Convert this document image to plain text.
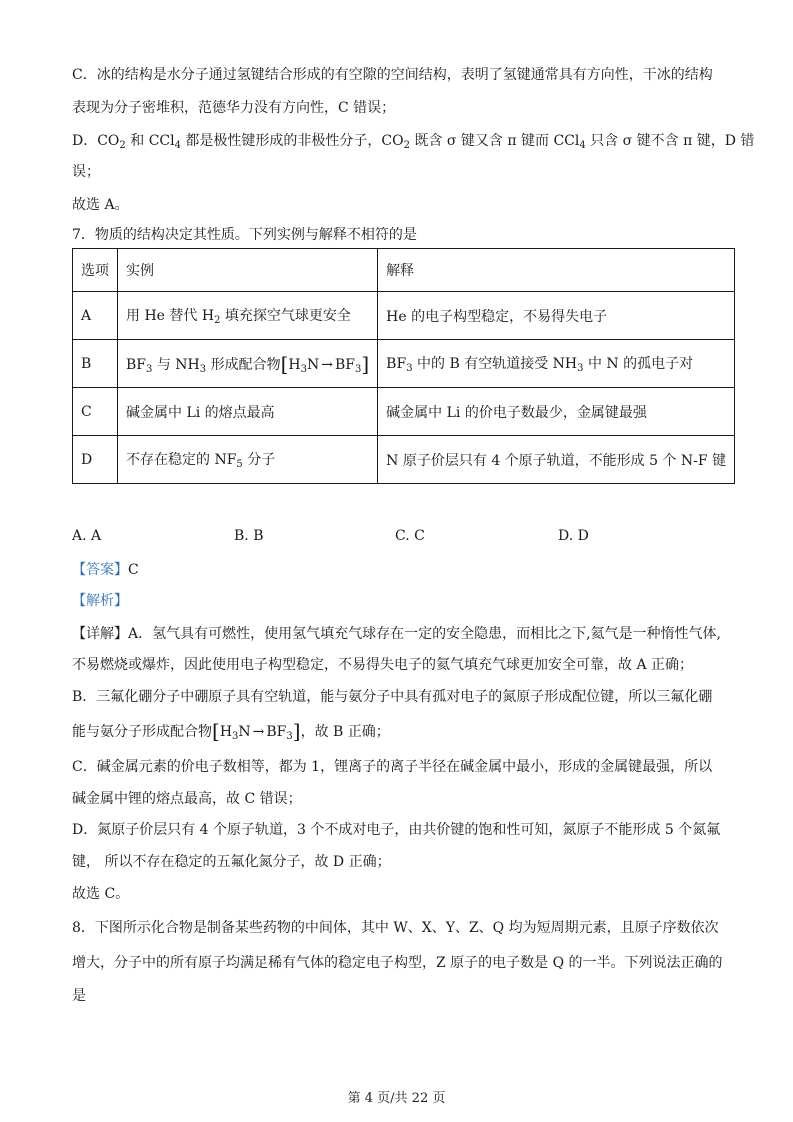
C．冰的结构是水分子通过氢键结合形成的有空隙的空间结构，表明了氢键通常具有方向性，干冰的结构

表现为分子密堆积，范德华力没有方向性，C 错误；

D．$CO_2$ 和 CCl$_4$ 都是极性键形成的非极性分子，$CO_2$ 既含 σ 键又含 π 键而 CCl$_4$ 只含 σ 键不含 π 键，D 错

误；

故选 A。

7．物质的结构决定其性质。下列实例与解释不相符的是

选项	实例	解释
A	用 He 替代 $H_2$ 填充探空气球更安全	He 的电子构型稳定，不易得失电子
B	$BF_3$ 与 $NH_3$ 形成配合物$[H_3N \to BF_3]$	$BF_3$ 中的 B 有空轨道接受 $NH_3$ 中 N 的孤电子对
C	碱金属中 Li 的熔点最高	碱金属中 Li 的价电子数最少，金属键最强
D	不存在稳定的 $NF_5$ 分子	N 原子价层只有 4 个原子轨道，不能形成 5 个 N-F 键
A. A	B. B	C. C	D. D

【答案】C

【解析】

【详解】A．氢气具有可燃性，使用氢气填充气球存在一定的安全隐患，而相比之下,氦气是一种惰性气体,

不易燃烧或爆炸，因此使用电子构型稳定，不易得失电子的氦气填充气球更加安全可靠，故 A 正确；

B．三氟化硼分子中硼原子具有空轨道，能与氨分子中具有孤对电子的氮原子形成配位键，所以三氟化硼

能与氨分子形成配合物$[H_3N \to BF_3]$，故 B 正确；

C．碱金属元素的价电子数相等，都为 1，锂离子的离子半径在碱金属中最小，形成的金属键最强，所以

碱金属中锂的熔点最高，故 C 错误；

D．氮原子价层只有 4 个原子轨道，3 个不成对电子，由共价键的饱和性可知，氮原子不能形成 5 个氮氟

键， 所以不存在稳定的五氟化氮分子，故 D 正确；

故选 C。

8．下图所示化合物是制备某些药物的中间体，其中 W、X、Y、Z、Q 均为短周期元素，且原子序数依次

增大，分子中的所有原子均满足稀有气体的稳定电子构型，Z 原子的电子数是 Q 的一半。下列说法正确的

是

第 4 页/共 22 页
